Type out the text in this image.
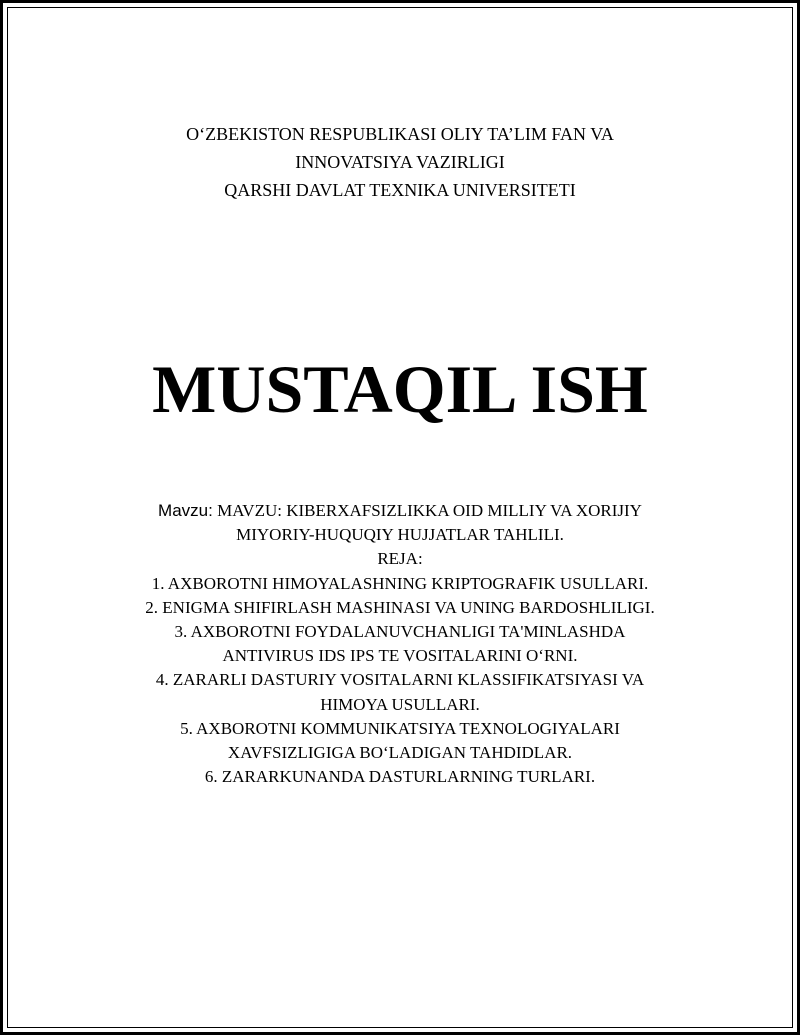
O‘ZBEKISTON RESPUBLIKASI OLIY TA’LIM FAN VA
INNOVATSIYA VAZIRLIGI
QARSHI DAVLAT TEXNIKA UNIVERSITETI
MUSTAQIL ISH
Mavzu: MAVZU: KIBERXAFSIZLIKKA OID MILLIY VA XORIJIY
MIYORIY-HUQUQIY HUJJATLAR TAHLILI.
REJA:
1. AXBOROTNI HIMOYALASHNING KRIPTOGRAFIK USULLARI.
2. ENIGMA SHIFIRLASH MASHINASI VA UNING BARDOSHLILIGI.
3. AXBOROTNI FOYDALANUVCHANLIGI TA'MINLASHDA
ANTIVIRUS IDS IPS TE VOSITALARINI O‘RNI.
4. ZARARLI DASTURIY VOSITALARNI KLASSIFIKATSIYASI VA
HIMOYA USULLARI.
5. AXBOROTNI KOMMUNIKATSIYA TEXNOLOGIYALARI
XAVFSIZLIGIGA BO‘LADIGAN TAHDIDLAR.
6. ZARARKUNANDA DASTURLARNING TURLARI.
